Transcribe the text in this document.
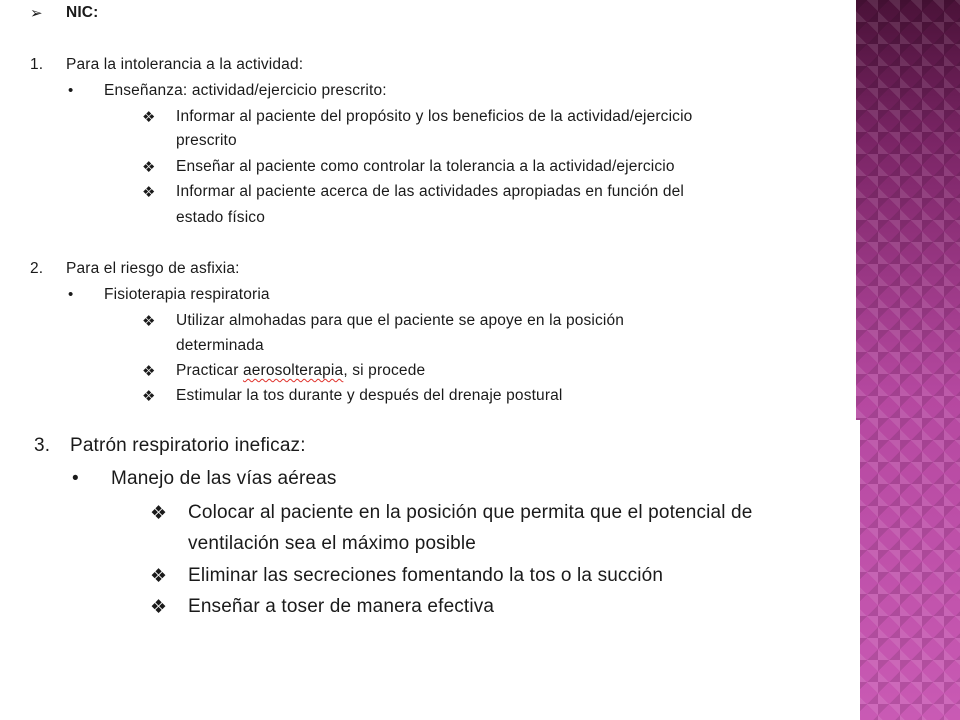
➢ NIC:
1. Para la intolerancia a la actividad:
• Enseñanza: actividad/ejercicio prescrito:
❖ Informar al paciente del propósito y los beneficios de la actividad/ejercicio
prescrito
❖ Enseñar al paciente como controlar la tolerancia a la actividad/ejercicio
❖ Informar al paciente acerca de las actividades apropiadas en función del
estado físico
2. Para el riesgo de asfixia:
• Fisioterapia respiratoria
❖ Utilizar almohadas para que el paciente se apoye en la posición
determinada
❖ Practicar aerosolterapia, si procede
❖ Estimular la tos durante y después del drenaje postural
3. Patrón respiratorio ineficaz:
• Manejo de las vías aéreas
❖ Colocar al paciente en la posición que permita que el potencial de
ventilación sea el máximo posible
❖ Eliminar las secreciones fomentando la tos o la succión
❖ Enseñar a toser de manera efectiva
